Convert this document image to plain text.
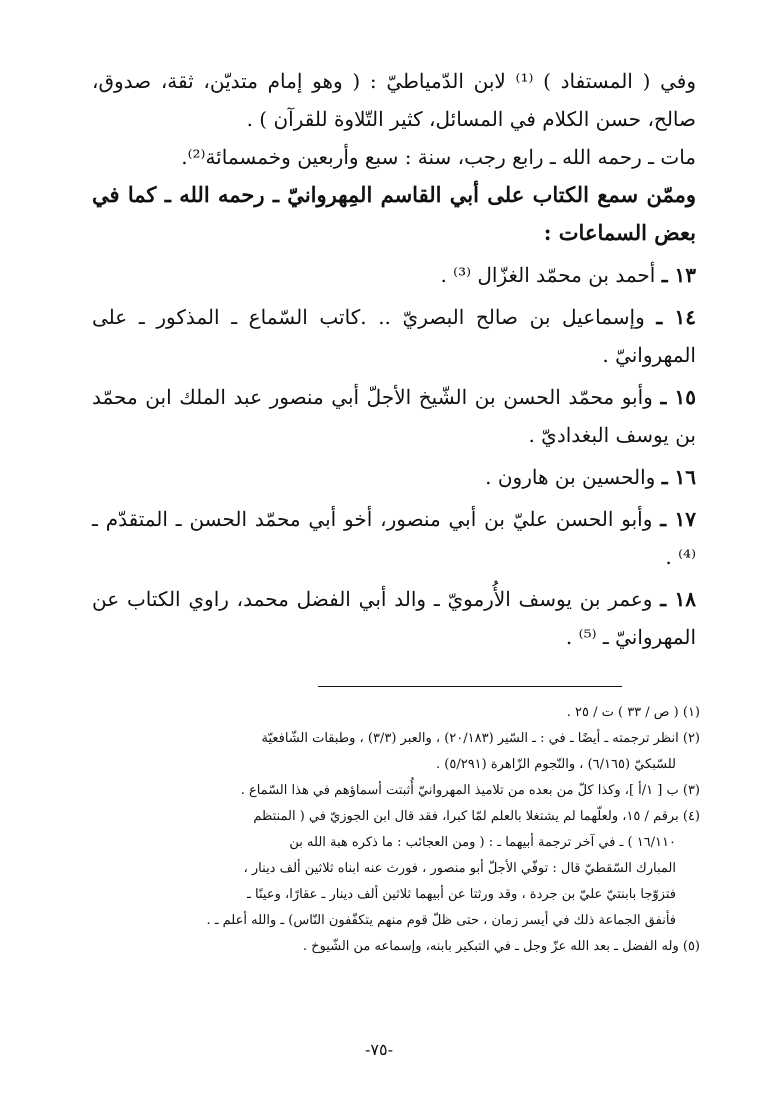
وفي ( المستفاد ) ⁽¹⁾ لابن الدّمياطيّ : ( وهو إمام متديّن، ثقة، صدوق، صالح، حسن الكلام في المسائل، كثير التّلاوة للقرآن ) .

مات ـ رحمه الله ـ رابع رجب، سنة : سبع وأربعين وخمسمائة⁽²⁾.

وممّن سمع الكتاب على أبي القاسم المِهروانيّ ـ رحمه الله ـ كما في بعض السماعات :

١٣ ـ أحمد بن محمّد الغزّال ⁽³⁾ .

١٤ ـ وإسماعيل بن صالح البصريّ .. .كاتب السّماع ـ المذكور ـ على المهروانيّ .

١٥ ـ وأبو محمّد الحسن بن الشّيخ الأجلّ أبي منصور عبد الملك ابن محمّد بن يوسف البغداديّ .

١٦ ـ والحسين بن هارون .

١٧ ـ وأبو الحسن عليّ بن أبي منصور، أخو أبي محمّد الحسن ـ المتقدّم ـ ⁽⁴⁾ .

١٨ ـ وعمر بن يوسف الأُرمويّ ـ والد أبي الفضل محمد، راوي الكتاب عن المهروانيّ ـ ⁽⁵⁾ .

(١) ( ص / ٣٣ ) ت / ٢٥ .

(٢) انظر ترجمته ـ أيضًا ـ في : ـ السّير (٢٠/١٨٣) ، والعبر (٣/٣) ، وطبقات الشّافعيّة

للسّبكيّ (٦/١٦٥) ، والنّجوم الزّاهرة (٥/٢٩١) .

(٣) ب [ ١/أ ]، وكذا كلّ من بعده من تلاميذ المهروانيّ أُثبتت أسماؤهم في هذا السّماع .

(٤) برقم / ١٥، ولعلّهما لم يشتغلا بالعلم لمّا كبرا، فقد قال ابن الجوزيّ في ( المنتظم

١٦/١١٠ ) ـ في آخر ترجمة أبيهما ـ : ( ومن العجائب : ما ذكره هبة الله بن

المبارك السّقطيّ قال : توفّي الأجلّ أبو منصور ، فورث عنه ابناه ثلاثين ألف دينار ،

فتزوّجا بابنتيّ عليّ بن جردة ، وقد ورثتا عن أبيهما ثلاثين ألف دينار ـ عقارًا، وعينًا ـ

فأنفق الجماعة ذلك في أيسر زمان ، حتى ظلّ قوم منهم يتكفّفون النّاس) ـ والله أعلم ـ .

(٥) وله الفضل ـ بعد الله عزّ وجل ـ في التبكير بابنه، وإسماعه من الشّيوخ .

-٧٥-
